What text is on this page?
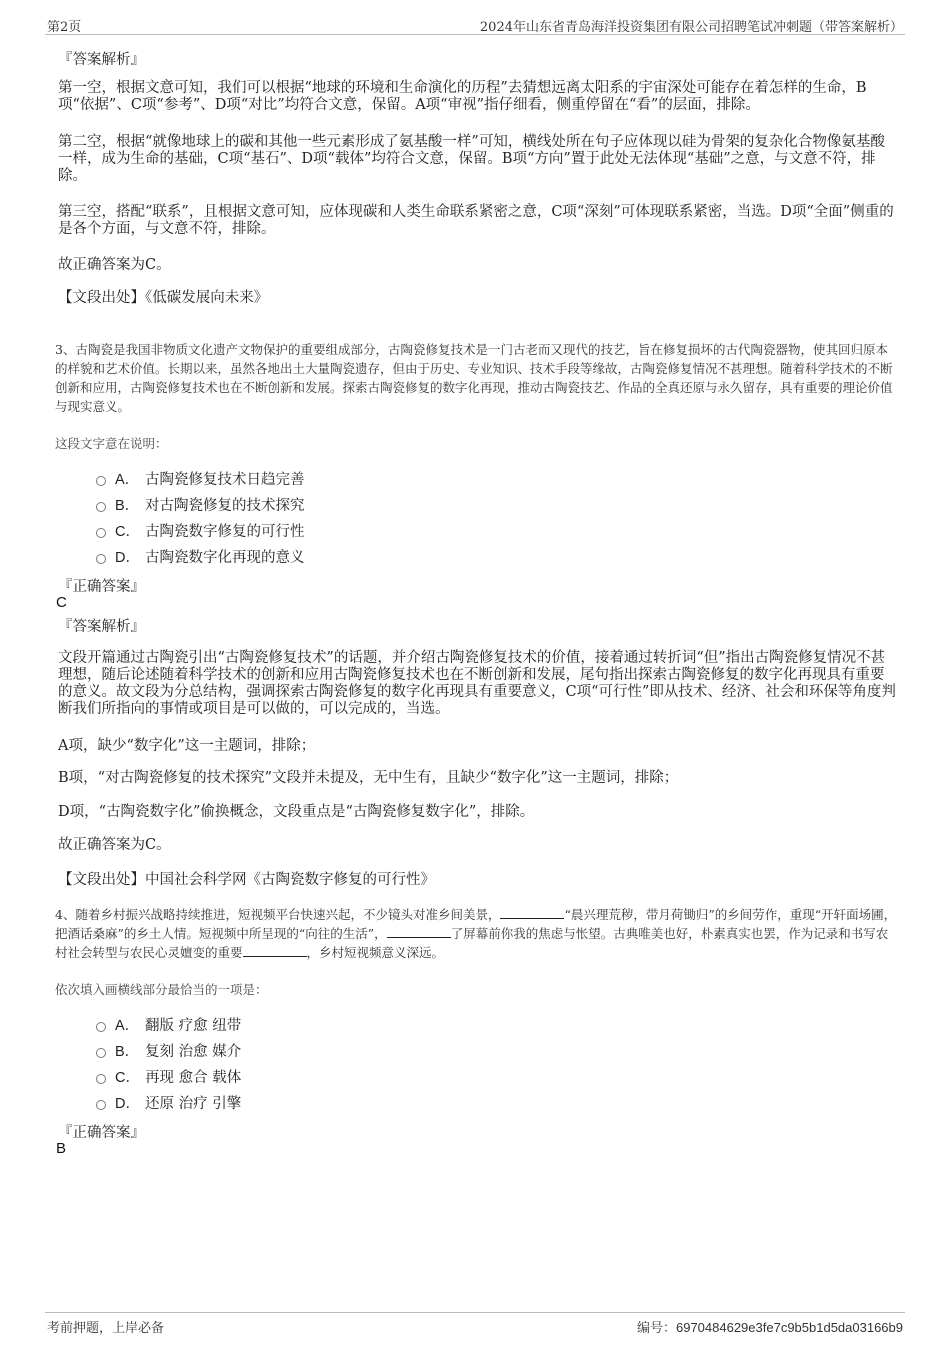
第2页	2024年山东省青岛海洋投资集团有限公司招聘笔试冲刺题（带答案解析）
『答案解析』
第一空，根据文意可知，我们可以根据“地球的环境和生命演化的历程”去猜想远离太阳系的宇宙深处可能存在着怎样的生命，B项“依据”、C项“参考”、D项“对比”均符合文意，保留。A项“审视”指仔细看，侧重停留在“看”的层面，排除。
第二空，根据“就像地球上的碳和其他一些元素形成了氨基酸一样”可知，横线处所在句子应体现以硅为骨架的复杂化合物像氨基酸一样，成为生命的基础，C项“基石”、D项“载体”均符合文意，保留。B项“方向”置于此处无法体现“基础”之意，与文意不符，排除。
第三空，搭配“联系”，且根据文意可知，应体现碳和人类生命联系紧密之意，C项“深刻”可体现联系紧密，当选。D项“全面”侧重的是各个方面，与文意不符，排除。
故正确答案为C。
【文段出处】《低碳发展向未来》
3、古陶瓷是我国非物质文化遗产文物保护的重要组成部分，古陶瓷修复技术是一门古老而又现代的技艺，旨在修复损坏的古代陶瓷器物，使其回归原本的样貌和艺术价值。长期以来，虽然各地出土大量陶瓷遗存，但由于历史、专业知识、技术手段等缘故，古陶瓷修复情况不甚理想。随着科学技术的不断创新和应用，古陶瓷修复技术也在不断创新和发展。探索古陶瓷修复的数字化再现，推动古陶瓷技艺、作品的全真还原与永久留存，具有重要的理论价值与现实意义。
这段文字意在说明：
A． 古陶瓷修复技术日趋完善
B． 对古陶瓷修复的技术探究
C． 古陶瓷数字修复的可行性
D． 古陶瓷数字化再现的意义
『正确答案』
C
『答案解析』
文段开篇通过古陶瓷引出“古陶瓷修复技术”的话题，并介绍古陶瓷修复技术的价值，接着通过转折词“但”指出古陶瓷修复情况不甚理想，随后论述随着科学技术的创新和应用古陶瓷修复技术也在不断创新和发展，尾句指出探索古陶瓷修复的数字化再现具有重要的意义。故文段为分总结构，强调探索古陶瓷修复的数字化再现具有重要意义，C项“可行性”即从技术、经济、社会和环保等角度判断我们所指向的事情或项目是可以做的，可以完成的，当选。
A项，缺少“数字化”这一主题词，排除；
B项，“对古陶瓷修复的技术探究”文段并未提及，无中生有，且缺少“数字化”这一主题词，排除；
D项，“古陶瓷数字化”偷换概念，文段重点是“古陶瓷修复数字化”，排除。
故正确答案为C。
【文段出处】中国社会科学网《古陶瓷数字修复的可行性》
4、随着乡村振兴战略持续推进，短视频平台快速兴起，不少镜头对准乡间美景，	“晨兴理荒秽，带月荷锄归”的乡间劳作，重现“开轩面场圃，把酒话桑麻”的乡土人情。短视频中所呈现的“向往的生活”，	了屏幕前你我的焦虑与怅望。古典唯美也好，朴素真实也罢，作为记录和书写农村社会转型与农民心灵嬗变的重要	，乡村短视频意义深远。
依次填入画横线部分最恰当的一项是：
A． 翻版 疗愈 纽带
B． 复刻 治愈 媒介
C． 再现 愈合 载体
D． 还原 治疗 引擎
『正确答案』
B
考前押题，上岸必备	编号：6970484629e3fe7c9b5b1d5da03166b9
